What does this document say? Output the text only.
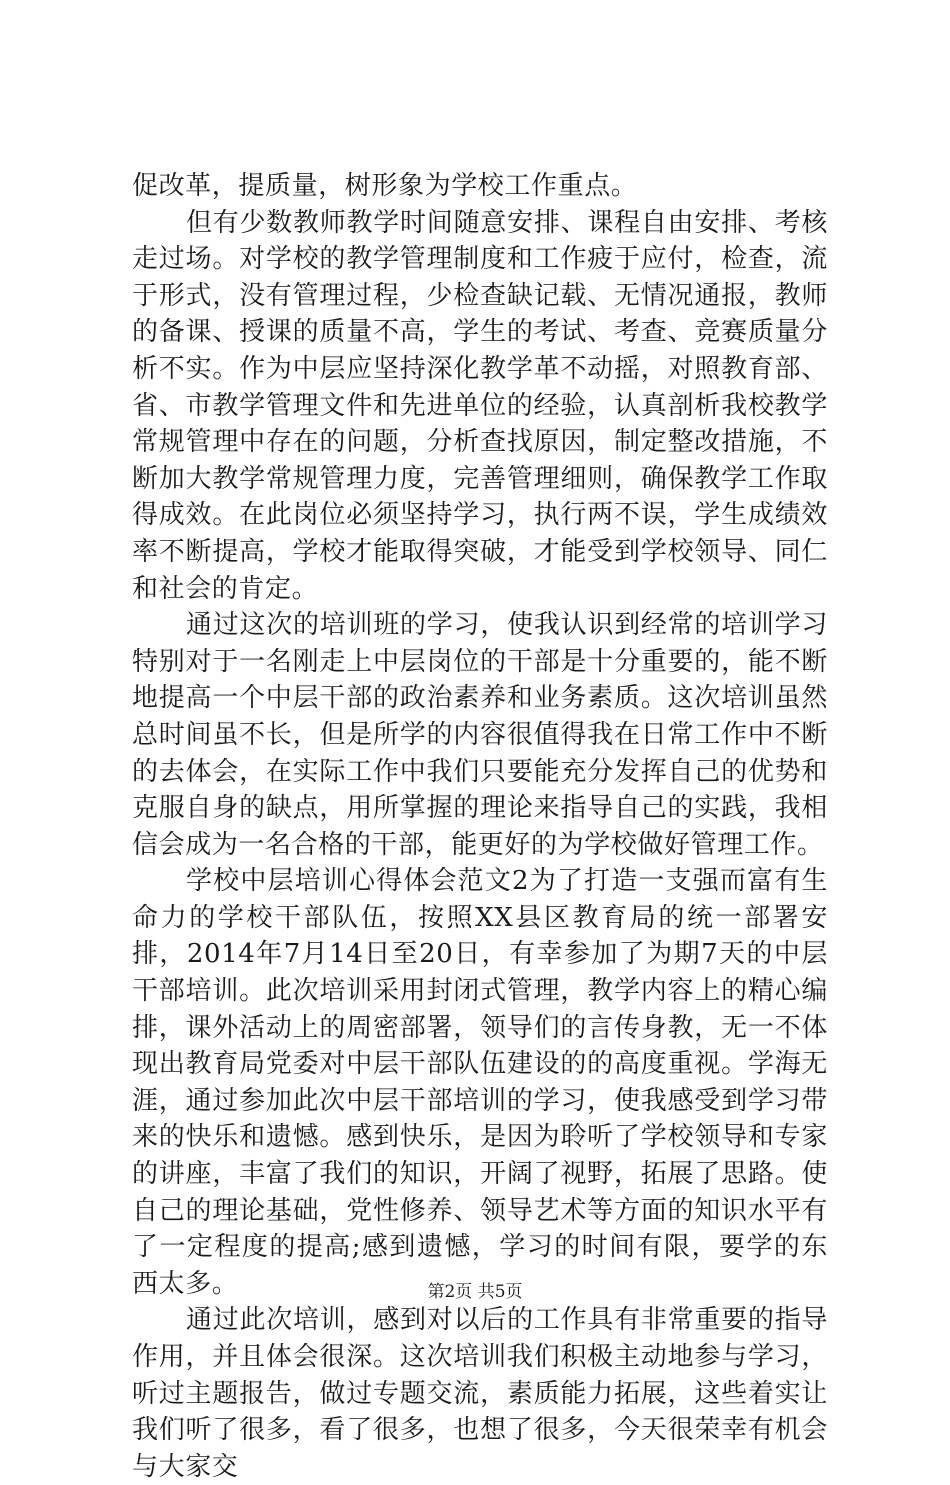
促改革，提质量，树形象为学校工作重点。

但有少数教师教学时间随意安排、课程自由安排、考核走过场。对学校的教学管理制度和工作疲于应付，检查，流于形式，没有管理过程，少检查缺记载、无情况通报，教师的备课、授课的质量不高，学生的考试、考查、竞赛质量分析不实。作为中层应坚持深化教学革不动摇，对照教育部、省、市教学管理文件和先进单位的经验，认真剖析我校教学常规管理中存在的问题，分析查找原因，制定整改措施，不断加大教学常规管理力度，完善管理细则，确保教学工作取得成效。在此岗位必须坚持学习，执行两不误，学生成绩效率不断提高，学校才能取得突破，才能受到学校领导、同仁和社会的肯定。

通过这次的培训班的学习，使我认识到经常的培训学习特别对于一名刚走上中层岗位的干部是十分重要的，能不断地提高一个中层干部的政治素养和业务素质。这次培训虽然总时间虽不长，但是所学的内容很值得我在日常工作中不断的去体会，在实际工作中我们只要能充分发挥自己的优势和克服自身的缺点，用所掌握的理论来指导自己的实践，我相信会成为一名合格的干部，能更好的为学校做好管理工作。

学校中层培训心得体会范文2为了打造一支强而富有生命力的学校干部队伍，按照XX县区教育局的统一部署安排，2014年7月14日至20日，有幸参加了为期7天的中层干部培训。此次培训采用封闭式管理，教学内容上的精心编排，课外活动上的周密部署，领导们的言传身教，无一不体现出教育局党委对中层干部队伍建设的的高度重视。学海无涯，通过参加此次中层干部培训的学习，使我感受到学习带来的快乐和遗憾。感到快乐，是因为聆听了学校领导和专家的讲座，丰富了我们的知识，开阔了视野，拓展了思路。使自己的理论基础，党性修养、领导艺术等方面的知识水平有了一定程度的提高;感到遗憾，学习的时间有限，要学的东西太多。

通过此次培训，感到对以后的工作具有非常重要的指导作用，并且体会很深。这次培训我们积极主动地参与学习，听过主题报告，做过专题交流，素质能力拓展，这些着实让我们听了很多，看了很多，也想了很多，今天很荣幸有机会与大家交

第2页 共5页
